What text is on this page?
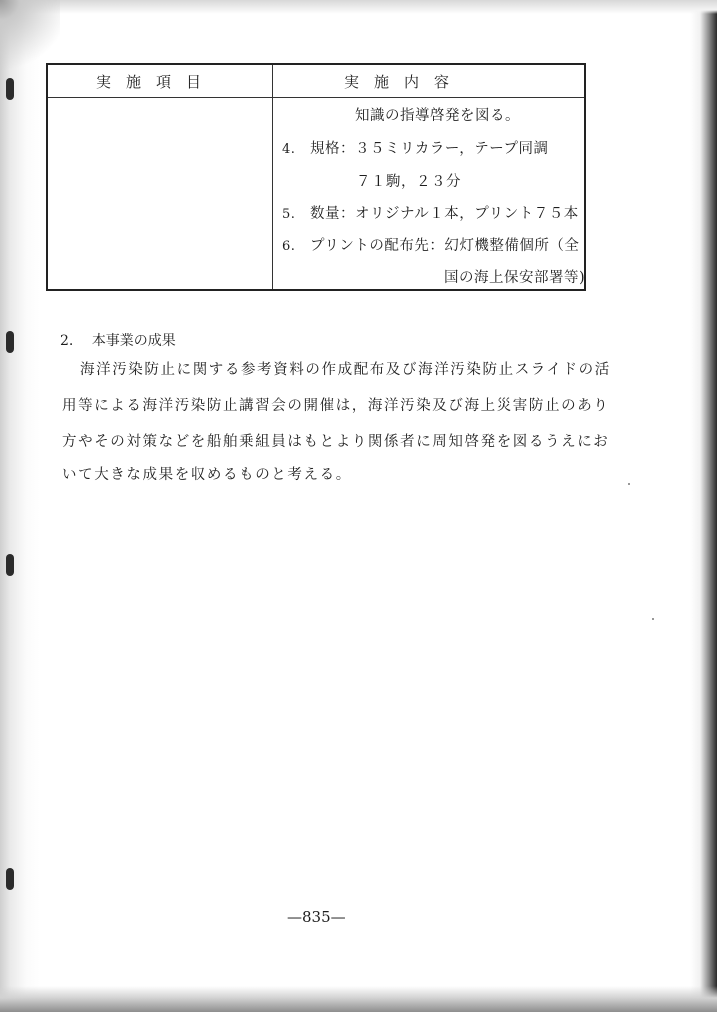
実　施　項　目	実　施　内　容
知識の指導啓発を図る。
4. 規格：３５ミリカラー，テープ同調
７１駒，２３分
5. 数量：オリジナル１本，プリント７５本
6. プリントの配布先：幻灯機整備個所（全
国の海上保安部署等)
2. 本事業の成果
海洋汚染防止に関する参考資料の作成配布及び海洋汚染防止スライドの活
用等による海洋汚染防止講習会の開催は，海洋汚染及び海上災害防止のあり
方やその対策などを船舶乗組員はもとより関係者に周知啓発を図るうえにお
いて大きな成果を収めるものと考える。
—835—
